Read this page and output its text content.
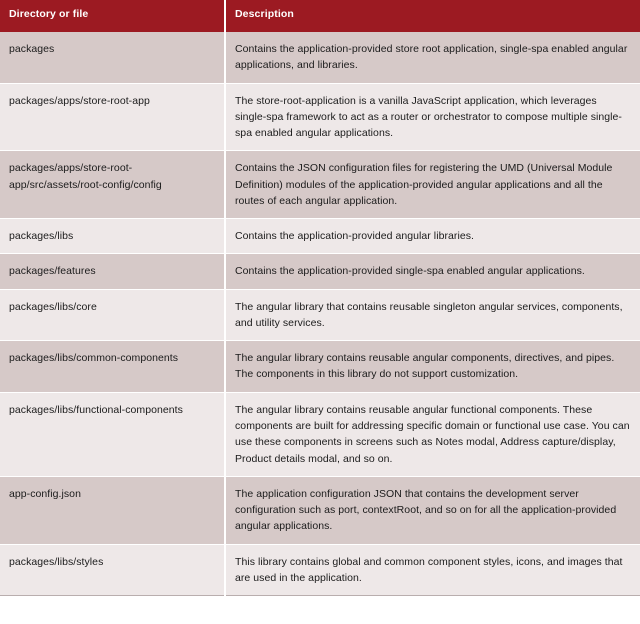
Directory or file	Description
packages	Contains the application-provided store root application, single-spa enabled angular applications, and libraries.
packages/apps/store-root-app	The store-root-application is a vanilla JavaScript application, which leverages single-spa framework to act as a router or orchestrator to compose multiple single-spa enabled angular applications.
packages/apps/store-root-app/src/assets/root-config/config	Contains the JSON configuration files for registering the UMD (Universal Module Definition) modules of the application-provided angular applications and all the routes of each angular application.
packages/libs	Contains the application-provided angular libraries.
packages/features	Contains the application-provided single-spa enabled angular applications.
packages/libs/core	The angular library that contains reusable singleton angular services, components, and utility services.
packages/libs/common-components	The angular library contains reusable angular components, directives, and pipes. The components in this library do not support customization.
packages/libs/functional-components	The angular library contains reusable angular functional components. These components are built for addressing specific domain or functional use case. You can use these components in screens such as Notes modal, Address capture/display, Product details modal, and so on.
app-config.json	The application configuration JSON that contains the development server configuration such as port, contextRoot, and so on for all the application-provided angular applications.
packages/libs/styles	This library contains global and common component styles, icons, and images that are used in the application.
